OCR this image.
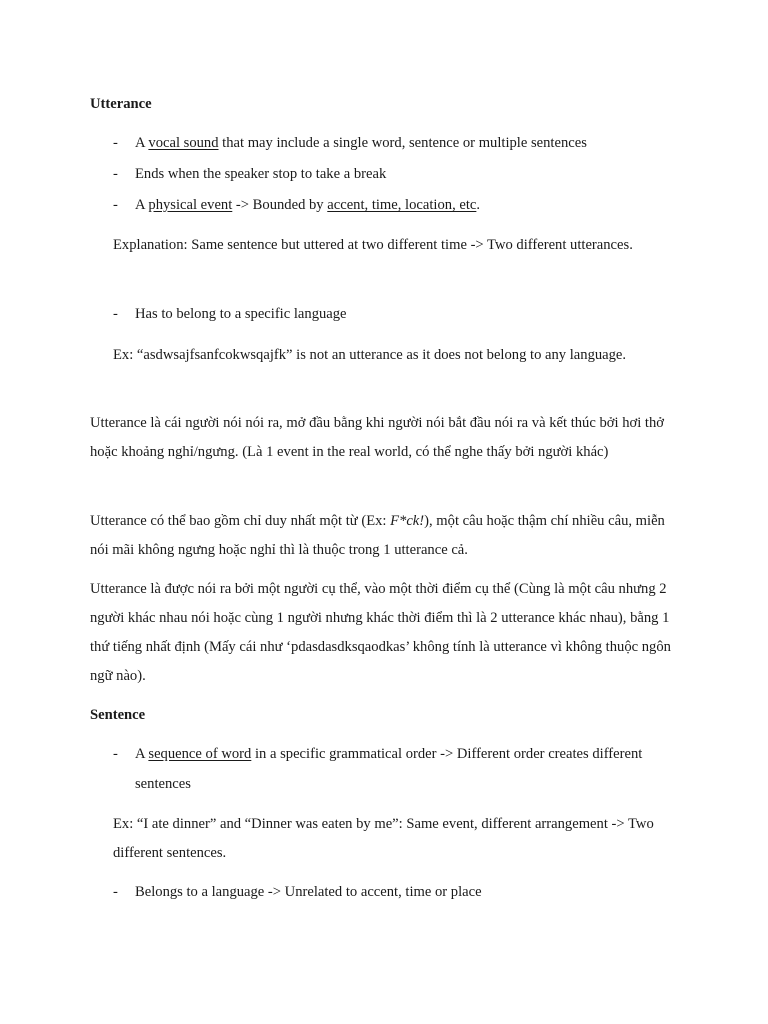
Utterance
- A vocal sound that may include a single word, sentence or multiple sentences
- Ends when the speaker stop to take a break
- A physical event -> Bounded by accent, time, location, etc.
Explanation: Same sentence but uttered at two different time -> Two different utterances.
- Has to belong to a specific language
Ex: “asdwsajfsanfcokwsqajfk” is not an utterance as it does not belong to any language.
Utterance là cái người nói nói ra, mở đầu bằng khi người nói bắt đầu nói ra và kết thúc bởi hơi thở hoặc khoảng nghỉ/ngưng. (Là 1 event in the real world, có thể nghe thấy bởi người khác)
Utterance có thể bao gồm chỉ duy nhất một từ (Ex: F*ck!), một câu hoặc thậm chí nhiều câu, miễn nói mãi không ngưng hoặc nghỉ thì là thuộc trong 1 utterance cả.
Utterance là được nói ra bởi một người cụ thể, vào một thời điểm cụ thể (Cùng là một câu nhưng 2 người khác nhau nói hoặc cùng 1 người nhưng khác thời điểm thì là 2 utterance khác nhau), bằng 1 thứ tiếng nhất định (Mấy cái như ‘pdasdasdksqaodkas’ không tính là utterance vì không thuộc ngôn ngữ nào).
Sentence
-	A sequence of word in a specific grammatical order -> Different order creates different sentences
Ex: “I ate dinner” and “Dinner was eaten by me”: Same event, different arrangement -> Two different sentences.
- Belongs to a language -> Unrelated to accent, time or place
